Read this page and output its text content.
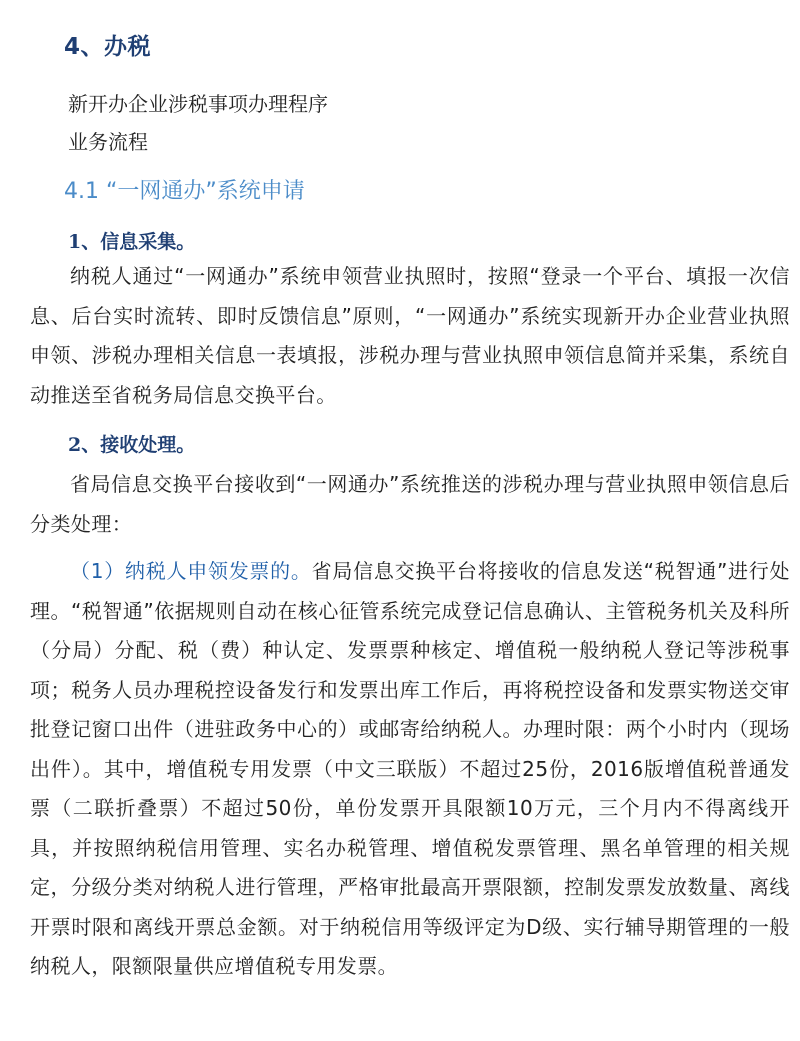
4、办税
新开办企业涉税事项办理程序
业务流程
4.1 “一网通办”系统申请
1、信息采集。
纳税人通过“一网通办”系统申领营业执照时，按照“登录一个平台、填报一次信息、后台实时流转、即时反馈信息”原则，“一网通办”系统实现新开办企业营业执照申领、涉税办理相关信息一表填报，涉税办理与营业执照申领信息简并采集，系统自动推送至省税务局信息交换平台。
2、接收处理。
省局信息交换平台接收到“一网通办”系统推送的涉税办理与营业执照申领信息后分类处理：
（1）纳税人申领发票的。省局信息交换平台将接收的信息发送“税智通”进行处理。“税智通”依据规则自动在核心征管系统完成登记信息确认、主管税务机关及科所（分局）分配、税（费）种认定、发票票种核定、增值税一般纳税人登记等涉税事项；税务人员办理税控设备发行和发票出库工作后，再将税控设备和发票实物送交审批登记窗口出件（进驻政务中心的）或邮寄给纳税人。办理时限：两个小时内（现场出件）。其中，增值税专用发票（中文三联版）不超过25份，2016版增值税普通发票（二联折叠票）不超过50份，单份发票开具限额10万元，三个月内不得离线开具，并按照纳税信用管理、实名办税管理、增值税发票管理、黑名单管理的相关规定，分级分类对纳税人进行管理，严格审批最高开票限额，控制发票发放数量、离线开票时限和离线开票总金额。对于纳税信用等级评定为D级、实行辅导期管理的一般纳税人，限额限量供应增值税专用发票。
